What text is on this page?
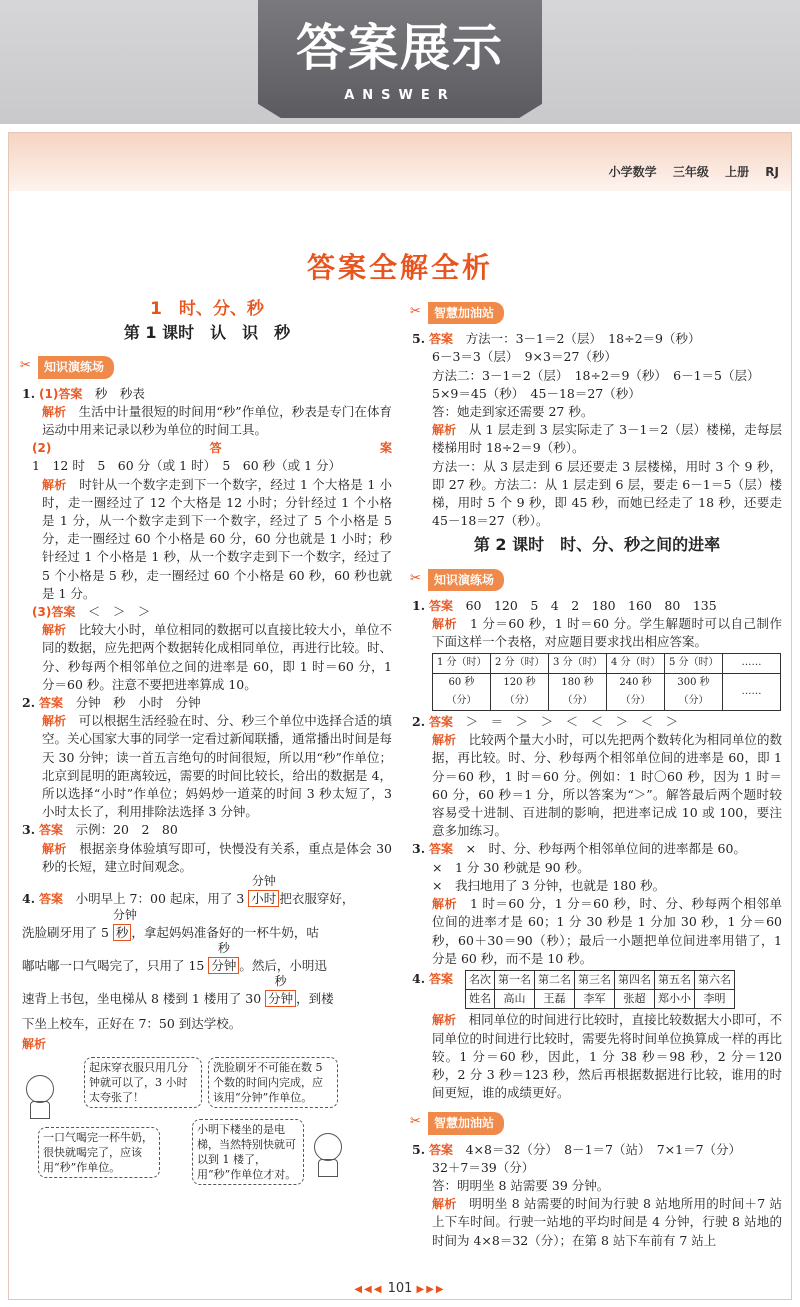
答案展示
ANSWER
小学数学 三年级 上册 RJ
答案全解全析
1　时、分、秒
第 1 课时　认　识　秒
✂ 知识演练场
1. (1)答案　 秒　秒表
解析　 生活中计量很短的时间用“秒”作单位，秒表是专门在体育运动中用来记录以秒为单位的时间工具。
(2)答案　1　12 时　5　60 分（或 1 时）　5　60 秒（或 1 分）
解析　 时针从一个数字走到下一个数字，经过 1 个大格是 1 小时，走一圈经过了 12 个大格是 12 小时；分针经过 1 个小格是 1 分，从一个数字走到下一个数字，经过了 5 个小格是 5 分，走一圈经过 60 个小格是 60 分，60 分也就是 1 小时；秒针经过 1 个小格是 1 秒，从一个数字走到下一个数字，经过了 5 个小格是 5 秒，走一圈经过 60 个小格是 60 秒，60 秒也就是 1 分。
(3)答案　 ＜　＞　＞
解析　 比较大小时，单位相同的数据可以直接比较大小，单位不同的数据，应先把两个数据转化成相同单位，再进行比较。时、分、秒每两个相邻单位之间的进率是 60，即 1 时＝60 分，1 分＝60 秒。注意不要把进率算成 10。
2. 答案　 分钟　秒　小时　分钟
解析　 可以根据生活经验在时、分、秒三个单位中选择合适的填空。关心国家大事的同学一定看过新闻联播，通常播出时间是每天 30 分钟；读一首五言绝句的时间很短，所以用“秒”作单位；北京到昆明的距离较远，需要的时间比较长，给出的数据是 4，所以选择“小时”作单位；妈妈炒一道菜的时间 3 秒太短了，3 小时太长了，利用排除法选择 3 分钟。
3. 答案　 示例：20　2　80
解析　 根据亲身体验填写即可，快慢没有关系，重点是体会 30 秒的长短，建立时间观念。
4. 答案　 小明早上 7：00 起床，用了 3
分钟
小时 把衣服穿好，
洗脸刷牙用了 5
分钟
秒 ，拿起妈妈准备好的一杯牛奶，咕
嘟咕嘟一口气喝完了，只用了 15
秒
分钟 。然后，小明迅
速背上书包，坐电梯从 8 楼到 1 楼用了 30
秒
分钟 ，到楼
下坐上校车，正好在 7：50 到达学校。
解析
起床穿衣服只用几分钟就可以了，3 小时太夸张了！
洗脸刷牙不可能在数 5 个数的时间内完成，应该用“分钟”作单位。
一口气喝完一杯牛奶，很快就喝完了，应该用“秒”作单位。
小明下楼坐的是电梯，当然特别快就可以到 1 楼了，用“秒”作单位才对。
✂ 智慧加油站
5. 答案　 方法一：3－1＝2（层）　18÷2＝9（秒）
6－3＝3（层）　9×3＝27（秒）
方法二：3－1＝2（层）　18÷2＝9（秒）　6－1＝5（层）
5×9＝45（秒）　45－18＝27（秒）
答：她走到家还需要 27 秒。
解析　 从 1 层走到 3 层实际走了 3－1＝2（层）楼梯，走每层楼梯用时 18÷2＝9（秒）。
方法一：从 3 层走到 6 层还要走 3 层楼梯，用时 3 个 9 秒，即 27 秒。方法二：从 1 层走到 6 层，要走 6－1＝5（层）楼梯，用时 5 个 9 秒，即 45 秒，而她已经走了 18 秒，还要走 45－18＝27（秒）。
第 2 课时　时、分、秒之间的进率
✂ 知识演练场
1. 答案　 60　120　5　4　2　180　160　80　135
解析　 1 分＝60 秒，1 时＝60 分。学生解题时可以自己制作下面这样一个表格，对应题目要求找出相应答案。
1 分（时）	2 分（时）	3 分（时）	4 分（时）	5 分（时）	……
60 秒（分）	120 秒（分）	180 秒（分）	240 秒（分）	300 秒（分）	……
2. 答案　 ＞　＝　＞　＞　＜　＜　＞　＜　＞
解析　 比较两个量大小时，可以先把两个数转化为相同单位的数据，再比较。时、分、秒每两个相邻单位间的进率是 60，即 1 分＝60 秒，1 时＝60 分。例如：1 时〇60 秒，因为 1 时＝60 分，60 秒＝1 分，所以答案为“＞”。解答最后两个题时较容易受十进制、百进制的影响，把进率记成 10 或 100，要注意多加练习。
3. 答案　 ×　时、分、秒每两个相邻单位间的进率都是 60。
×　1 分 30 秒就是 90 秒。
×　我扫地用了 3 分钟，也就是 180 秒。
解析　 1 时＝60 分，1 分＝60 秒，时、分、秒每两个相邻单位间的进率才是 60；1 分 30 秒是 1 分加 30 秒，1 分＝60 秒，60＋30＝90（秒）；最后一小题把单位间进率用错了，1 分是 60 秒，而不是 10 秒。
4. 答案 名次	第一名	第二名	第三名	第四名	第五名	第六名
姓名	高山	王磊	李军	张超	郑小小	李明
解析　 相同单位的时间进行比较时，直接比较数据大小即可，不同单位的时间进行比较时，需要先将时间单位换算成一样的再比较。1 分＝60 秒，因此，1 分 38 秒＝98 秒，2 分＝120 秒，2 分 3 秒＝123 秒，然后再根据数据进行比较，谁用的时间更短，谁的成绩更好。
✂ 智慧加油站
5. 答案　 4×8＝32（分）　8－1＝7（站）　7×1＝7（分）
32＋7＝39（分）
答：明明坐 8 站需要 39 分钟。
解析　 明明坐 8 站需要的时间为行驶 8 站地所用的时间＋7 站上下车时间。行驶一站地的平均时间是 4 分钟，行驶 8 站地的时间为 4×8＝32（分）；在第 8 站下车前有 7 站上
◀◀◀ 101 ▶▶▶
